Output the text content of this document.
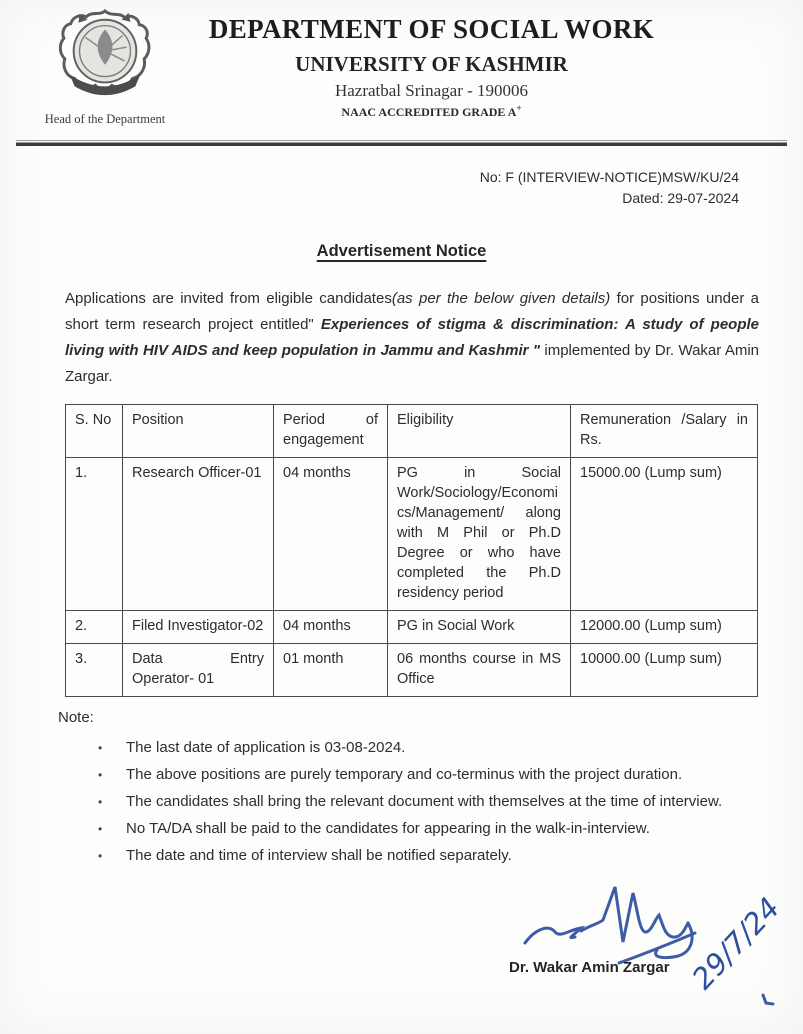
Head of the Department
DEPARTMENT OF SOCIAL WORK
UNIVERSITY OF KASHMIR
Hazratbal Srinagar - 190006
NAAC ACCREDITED GRADE A+
No: F (INTERVIEW-NOTICE)MSW/KU/24
Dated: 29-07-2024
Advertisement Notice

Applications are invited from eligible candidates(as per the below given details) for positions under a short term research project entitled" Experiences of stigma & discrimination: A study of people living with HIV AIDS and keep population in Jammu and Kashmir " implemented by Dr. Wakar Amin Zargar.

S. No	Position	Period of engagement	Eligibility	Remuneration /Salary in Rs.
1.	Research Officer-01	04 months	PG in Social Work/Sociology/Economics/Management/ along with M Phil or Ph.D Degree or who have completed the Ph.D residency period	15000.00 (Lump sum)
2.	Filed Investigator-02	04 months	PG in Social Work	12000.00 (Lump sum)
3.	Data Entry Operator- 01	01 month	06 months course in MS Office	10000.00 (Lump sum)
Note:
•	The last date of application is 03-08-2024.
•	The above positions are purely temporary and co-terminus with the project duration.
•	The candidates shall bring the relevant document with themselves at the time of interview.
•	No TA/DA shall be paid to the candidates for appearing in the walk-in-interview.
•	The date and time of interview shall be notified separately.
29/7/24
Dr. Wakar Amin Zargar
